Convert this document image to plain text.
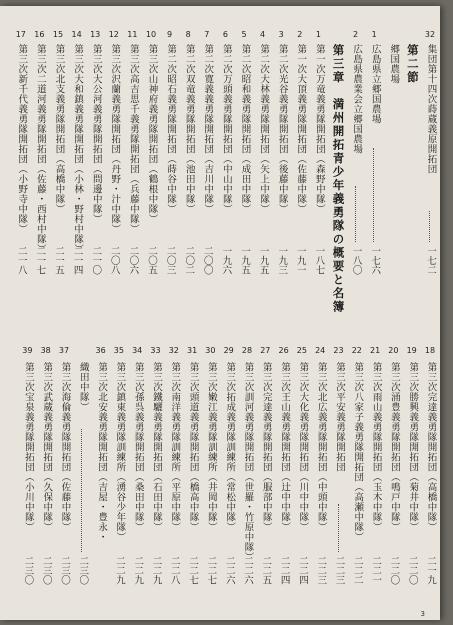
32
集団第十四次蒔蔵義原開拓団
一七二
第二節
郷国農場
1
広島県立郷国農場
一七六
2
広島県農業会立郷国農場
一八〇
第三章　満州開拓青少年義勇隊の概要と名簿
1
第一次万竜義勇隊開拓団（森野中隊）
一八七
2
第一次大頂義勇隊開拓団（佐藤中隊）
一九一
3
第二次光谷義勇隊開拓団（後藤中隊）
一九三
4
第二次大林義勇隊開拓団（矢上中隊）
一九五
5
第二次昭和義勇隊開拓団（成田中隊）
一九五
6
第二次万頭義勇隊開拓団（中山中隊）
一九六
7
第二次寛義義勇隊開拓団（吉川中隊）
二〇〇
8
第二次双竜義勇隊開拓団（池田中隊）
二〇二
9
第二次昭石義勇隊開拓団（蒔谷中隊）
二〇三
10
第三次山神府義勇隊開拓団（鶴根中隊）
二〇五
11
第三次高吉思千義勇隊開拓団（兵藤中隊）
二〇六
12
第三次沢蘭義勇隊開拓団（丹野・汁中隊）
二〇八
13
第三次大公河義勇隊開拓団（問邊中隊）
二一〇
14
第三次大和鎮義勇隊開拓団（小林・野村中隊）
二一四
15
第三次北支義勇隊開拓団（高橋中隊）
二一五
16
第三次二道河義勇隊開拓団（佐藤・西村中隊）
二一七
17
第三次新千代義勇隊開拓団（小野寺中隊）
二一八
18
第三次完達義勇隊開拓団（高橋中隊）
二一九
19
第三次勝興義勇隊開拓団（菊井中隊）
二二〇
20
第三次涌豊義勇隊開拓団（鳴戸中隊）
二二〇
21
第三次雨山義勇隊開拓団（玉木中隊）
二二一
22
第三次八家子義勇隊開拓団（高瀬中隊）
二二二
23
第三次平安義勇隊開拓団
二二三
24
第三次北広義勇隊開拓団（中頭中隊）
二二三
25
第三次大化義勇隊開拓団（川中中隊）
二二四
26
第三次王山義勇隊開拓団（辻中中隊）
二二四
27
第三次完達義勇隊開拓団（服部中隊）
二二五
28
第三次訓河義勇隊開拓団（世羅・竹原中隊）
二二六
29
第三次拓成義勇隊訓練所（常松中隊）
二二六
30
第三次嫩江義勇隊訓練所（井岡中隊）
二二七
31
第三次頭道義勇隊開拓団（橋高中隊）
二二七
32
第三次南洋義勇隊訓練所（平原中隊）
二二八
33
第三次鐵驪義勇隊開拓団（石田中隊）
二二九
34
第三次孫呉義勇隊開拓団（桑田中隊）
二二九
35
第三次鎮東義勇隊訓練所（湧谷少年隊）
二二九
36
第三次北安義勇隊開拓団（吉屋・豊永・
織田中隊）
二三〇
37
第三次海倫義勇隊開拓団（佐藤中隊）
二三〇
38
第三次武蔵義勇隊開拓団（久保中隊）
二三〇
39
第三次宝泉義勇隊開拓団（小川中隊）
二三〇
3
